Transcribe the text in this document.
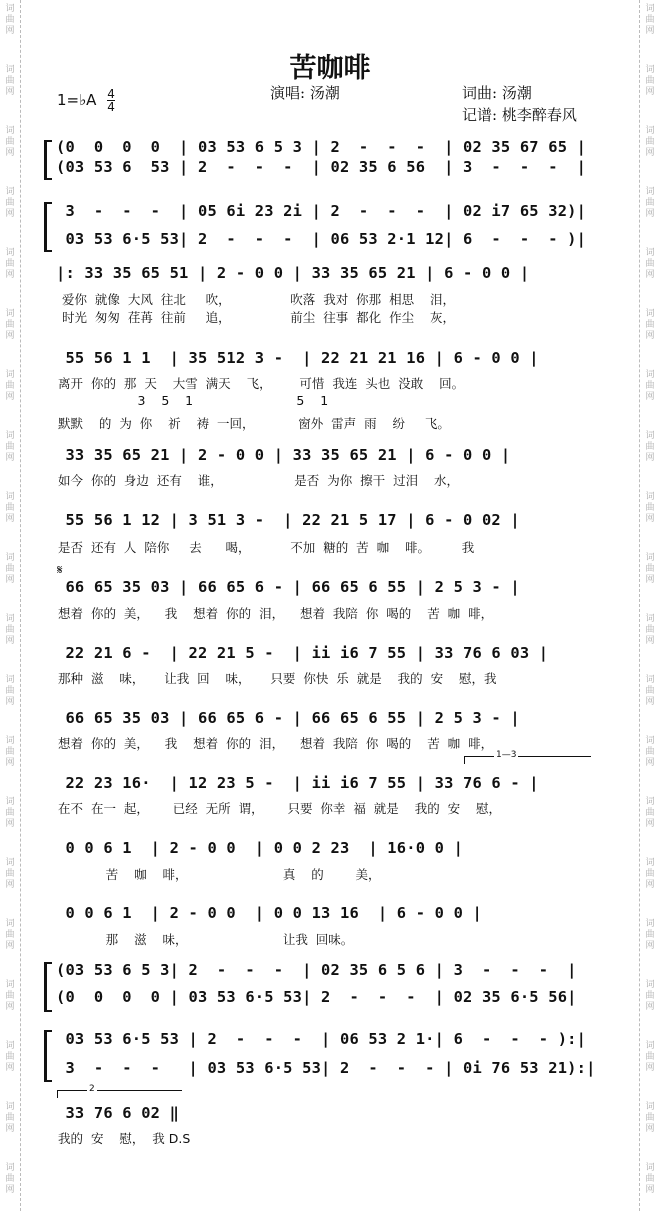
词
曲
网
词
曲
网
词
曲
网
词
曲
网
词
曲
网
词
曲
网
词
曲
网
词
曲
网
词
曲
网
词
曲
网
词
曲
网
词
曲
网
词
曲
网
词
曲
网
词
曲
网
词
曲
网
词
曲
网
词
曲
网
词
曲
网
词
曲
网
词
曲
网
词
曲
网
词
曲
网
词
曲
网
词
曲
网
词
曲
网
词
曲
网
词
曲
网
词
曲
网
词
曲
网
词
曲
网
词
曲
网
词
曲
网
词
曲
网
词
曲
网
词
曲
网
词
曲
网
词
曲
网
词
曲
网
词
曲
网
苦咖啡
1=♭A $\frac{4}{4}$	演唱: 汤潮	词曲: 汤潮
记谱: 桃李醉春风
𝄋
1—3
2
(0  0  0  0  | 03 53 6 5 3 | 2  -  -  -  | 02 35 67 65 |
(03 53 6  53 | 2  -  -  -  | 02 35 6 56  | 3  -  -  -  |
3  -  -  -  | 05 6i 23 2i | 2  -  -  -  | 02 i7 65 32)|
03 53 6·5 53| 2  -  -  -  | 06 53 2·1 12| 6  -  -  - )|
|: 33 35 65 51 | 2 - 0 0 | 33 35 65 21 | 6 - 0 0 |
55 56 1 1  | 35 512 3 -  | 22 21 21 16 | 6 - 0 0 |
33 35 65 21 | 2 - 0 0 | 33 35 65 21 | 6 - 0 0 |
55 56 1 12 | 3 51 3 -  | 22 21 5 17 | 6 - 0 02 |
66 65 35 03 | 66 65 6 - | 66 65 6 55 | 2 5 3 - |
22 21 6 -  | 22 21 5 -  | ii i6 7 55 | 33 76 6 03 |
66 65 35 03 | 66 65 6 - | 66 65 6 55 | 2 5 3 - |
22 23 16·  | 12 23 5 -  | ii i6 7 55 | 33 76 6 - |
0 0 6 1  | 2 - 0 0  | 0 0 2 23  | 16·0 0 |
0 0 6 1  | 2 - 0 0  | 0 0 13 16  | 6 - 0 0 |
(03 53 6 5 3| 2  -  -  -  | 02 35 6 5 6 | 3  -  -  -  |
(0  0  0  0 | 03 53 6·5 53| 2  -  -  -  | 02 35 6·5 56|
03 53 6·5 53 | 2  -  -  -  | 06 53 2 1·| 6  -  -  - ):|
3  -  -  -   | 03 53 6·5 53| 2  -  -  - | 0i 76 53 21):|
33 76 6 02 ‖
爱你  就像  大风  往北     吹，               吹落  我对  你那  相思    泪，
时光  匆匆  荏苒  往前     追，               前尘  往事  都化  作尘    灰，
离开  你的  那  天    大雪  满天    飞，       可惜  我连  头也  没敢    回。
3    5    1                          5    1
默默    的  为  你    祈    祷  一回，           窗外  雷声  雨    纷     飞。
如今  你的  身边  还有    谁，                  是否  为你  擦干  过泪    水，
是否  还有  人  陪你     去      喝，          不加  糖的  苦  咖    啡。        我
想着  你的  美，    我    想着  你的  泪，    想着  我陪  你  喝的    苦  咖  啡，
那种  滋    味，     让我  回    味，     只要  你快  乐  就是    我的  安    慰，我
想着  你的  美，    我    想着  你的  泪，    想着  我陪  你  喝的    苦  咖  啡，
在不  在一  起，      已经  无所  谓，      只要  你幸  福  就是    我的  安    慰，
苦    咖    啡，                        真    的        美，
那    滋    味，                        让我  回味。
我的  安    慰，  我 D.S
